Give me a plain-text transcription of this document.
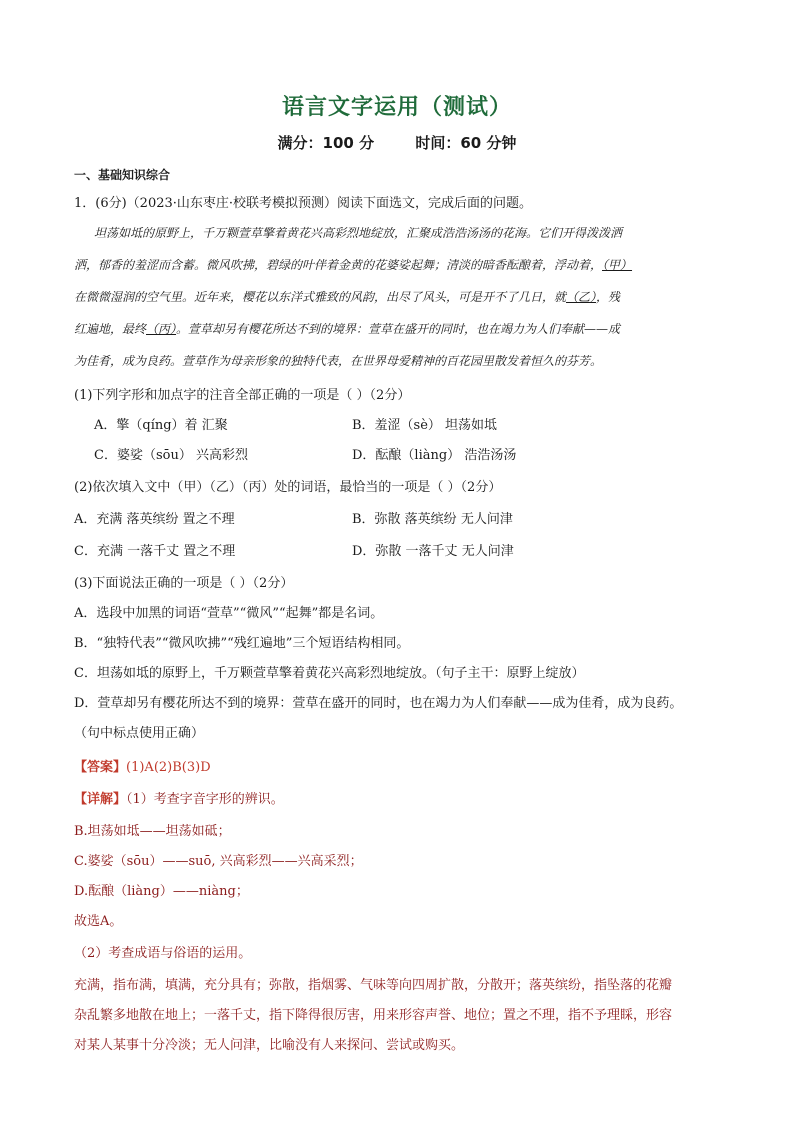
语言文字运用（测试）
满分：100 分	时间：60 分钟
一、基础知识综合
1．(6分)（2023·山东枣庄·校联考模拟预测）阅读下面选文，完成后面的问题。
坦荡如坻的原野上，千万颗萱草擎着黄花兴高彩烈地绽放，汇聚成浩浩汤汤的花海。它们开得泼泼洒
洒，郁香的羞涩而含蓄。微风吹拂，碧绿的叶伴着金黄的花婆娑起舞；清淡的暗香酝酿着，浮动着，（甲）
在微微湿润的空气里。近年来，樱花以东洋式雅致的风韵，出尽了风头，可是开不了几日，就（乙），残
红遍地，最终（丙）。萱草却另有樱花所达不到的境界：萱草在盛开的同时，也在竭力为人们奉献——成
为佳肴，成为良药。萱草作为母亲形象的独特代表，在世界母爱精神的百花园里散发着恒久的芬芳。
(1)下列字形和加点字的注音全部正确的一项是（ ）（2分）
A．擎（qíng）着 汇聚	B．羞涩（sè） 坦荡如坻
C．婆娑（sōu） 兴高彩烈	D．酝酿（liàng） 浩浩汤汤
(2)依次填入文中（甲）（乙）（丙）处的词语，最恰当的一项是（ ）（2分）
A．充满 落英缤纷 置之不理	B．弥散 落英缤纷 无人问津
C．充满 一落千丈 置之不理	D．弥散 一落千丈 无人问津
(3)下面说法正确的一项是（ ）（2分）
A．选段中加黑的词语“萱草”“微风”“起舞”都是名词。
B．“独特代表”“微风吹拂”“残红遍地”三个短语结构相同。
C．坦荡如坻的原野上，千万颗萱草擎着黄花兴高彩烈地绽放。（句子主干：原野上绽放）
D．萱草却另有樱花所达不到的境界：萱草在盛开的同时，也在竭力为人们奉献——成为佳肴，成为良药。
（句中标点使用正确）
【答案】(1)A(2)B(3)D
【详解】（1）考查字音字形的辨识。
B.坦荡如坻——坦荡如砥；
C.婆娑（sōu）——suō, 兴高彩烈——兴高采烈；
D.酝酿（liàng）——niàng；
故选A。
（2）考查成语与俗语的运用。
充满，指布满，填满，充分具有；弥散，指烟雾、气味等向四周扩散，分散开；落英缤纷，指坠落的花瓣
杂乱繁多地散在地上；一落千丈，指下降得很厉害，用来形容声誉、地位；置之不理，指不予理睬，形容
对某人某事十分冷淡；无人问津，比喻没有人来探问、尝试或购买。
